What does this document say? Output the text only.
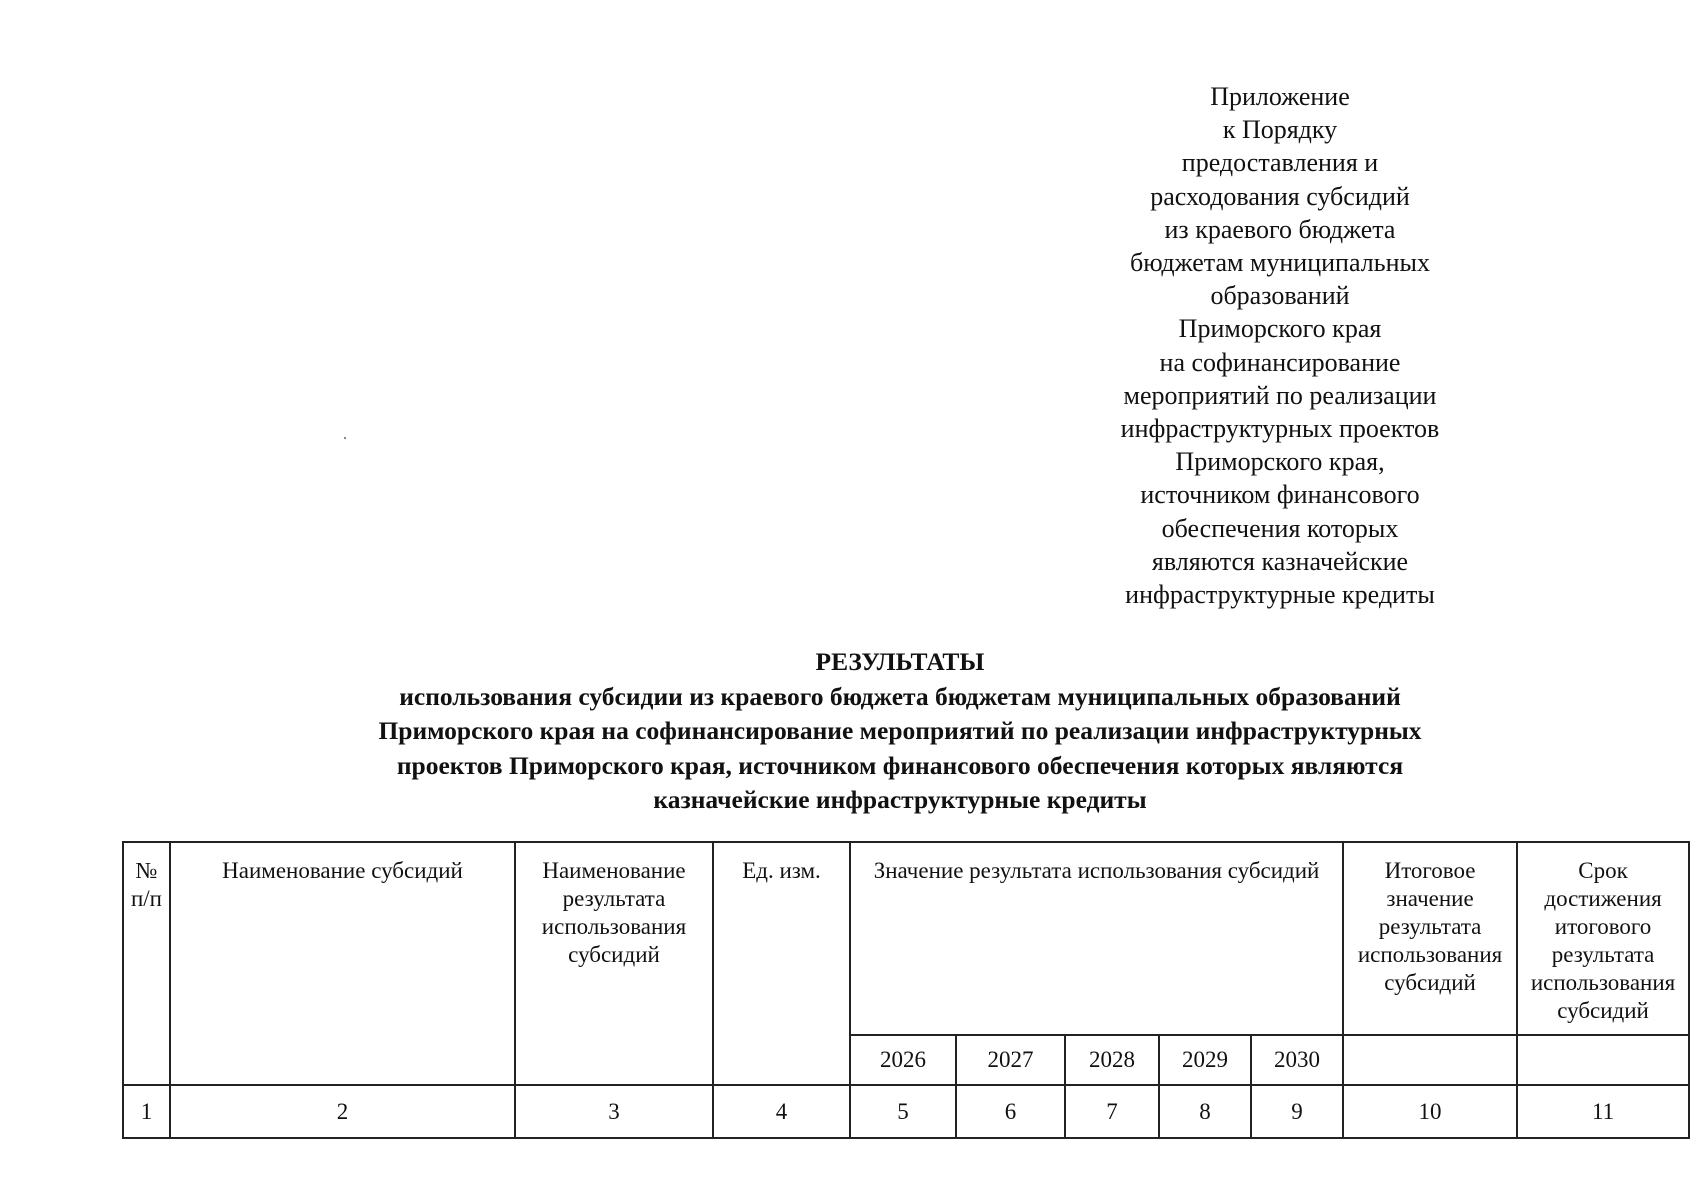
Приложение
к Порядку
предоставления и
расходования субсидий
из краевого бюджета
бюджетам муниципальных
образований
Приморского края
на софинансирование
мероприятий по реализации
инфраструктурных проектов
Приморского края,
источником финансового
обеспечения которых
являются казначейские
инфраструктурные кредиты
РЕЗУЛЬТАТЫ
использования субсидии из краевого бюджета бюджетам муниципальных образований
Приморского края на софинансирование мероприятий по реализации инфраструктурных
проектов Приморского края, источником финансового обеспечения которых являются
казначейские инфраструктурные кредиты
№ п/п	Наименование субсидий	Наименование результата использования субсидий	Ед. изм.	Значение результата использования субсидий					Итоговое значение результата использования субсидий	Срок достижения итогового результата использования субсидий
				2026	2027	2028	2029	2030		
1	2	3	4	5	6	7	8	9	10	11
